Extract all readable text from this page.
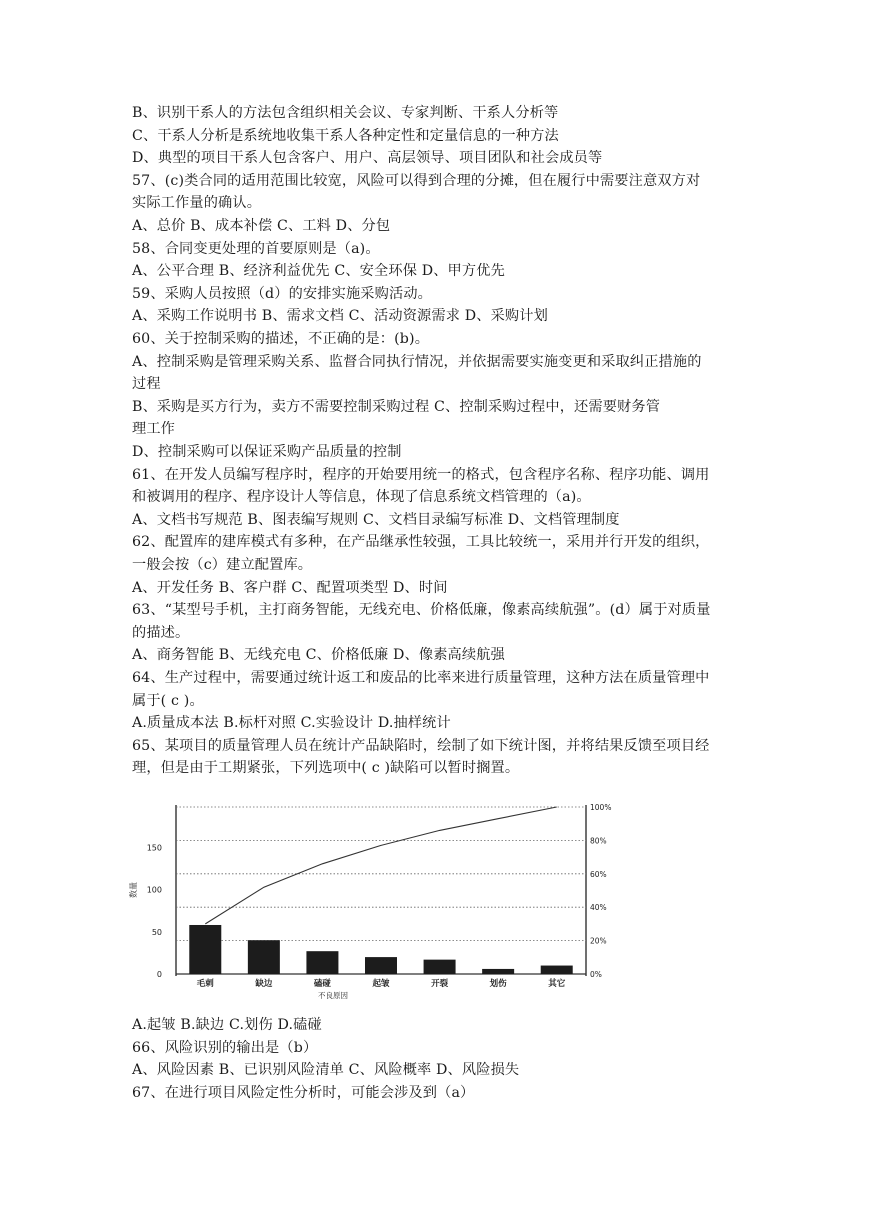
B、识别干系人的方法包含组织相关会议、专家判断、干系人分析等
C、干系人分析是系统地收集干系人各种定性和定量信息的一种方法
D、典型的项目干系人包含客户、用户、高层领导、项目团队和社会成员等
57、(c)类合同的适用范围比较宽，风险可以得到合理的分摊，但在履行中需要注意双方对
实际工作量的确认。
A、总价 B、成本补偿 C、工料 D、分包
58、合同变更处理的首要原则是（a)。
A、公平合理 B、经济利益优先 C、安全环保 D、甲方优先
59、采购人员按照（d）的安排实施采购活动。
A、采购工作说明书 B、需求文档 C、活动资源需求 D、采购计划
60、关于控制采购的描述，不正确的是：(b)。
A、控制采购是管理采购关系、监督合同执行情况，并依据需要实施变更和采取纠正措施的
过程
B、采购是买方行为，卖方不需要控制采购过程 C、控制采购过程中，还需要财务管
理工作
D、控制采购可以保证采购产品质量的控制
61、在开发人员编写程序时，程序的开始要用统一的格式，包含程序名称、程序功能、调用
和被调用的程序、程序设计人等信息，体现了信息系统文档管理的（a)。
A、文档书写规范 B、图表编写规则 C、文档目录编写标准 D、文档管理制度
62、配置库的建库模式有多种，在产品继承性较强，工具比较统一，采用并行开发的组织，
一般会按（c）建立配置库。
A、开发任务 B、客户群 C、配置项类型 D、时间
63、“某型号手机，主打商务智能，无线充电、价格低廉，像素高续航强”。(d）属于对质量
的描述。
A、商务智能 B、无线充电 C、价格低廉 D、像素高续航强
64、生产过程中，需要通过统计返工和废品的比率来进行质量管理，这种方法在质量管理中
属于( c )。
A.质量成本法 B.标杆对照 C.实验设计 D.抽样统计
65、某项目的质量管理人员在统计产品缺陷时，绘制了如下统计图，并将结果反馈至项目经
理，但是由于工期紧张，下列选项中( c )缺陷可以暂时搁置。
0
50
100
150
0%
20%
40%
60%
80%
100%
数量
毛刺	缺边	磕碰	起皱	开裂	划伤	其它
不良原因
A.起皱 B.缺边 C.划伤 D.磕碰
66、风险识别的输出是（b）
A、风险因素 B、已识别风险清单 C、风险概率 D、风险损失
67、在进行项目风险定性分析时，可能会涉及到（a）
